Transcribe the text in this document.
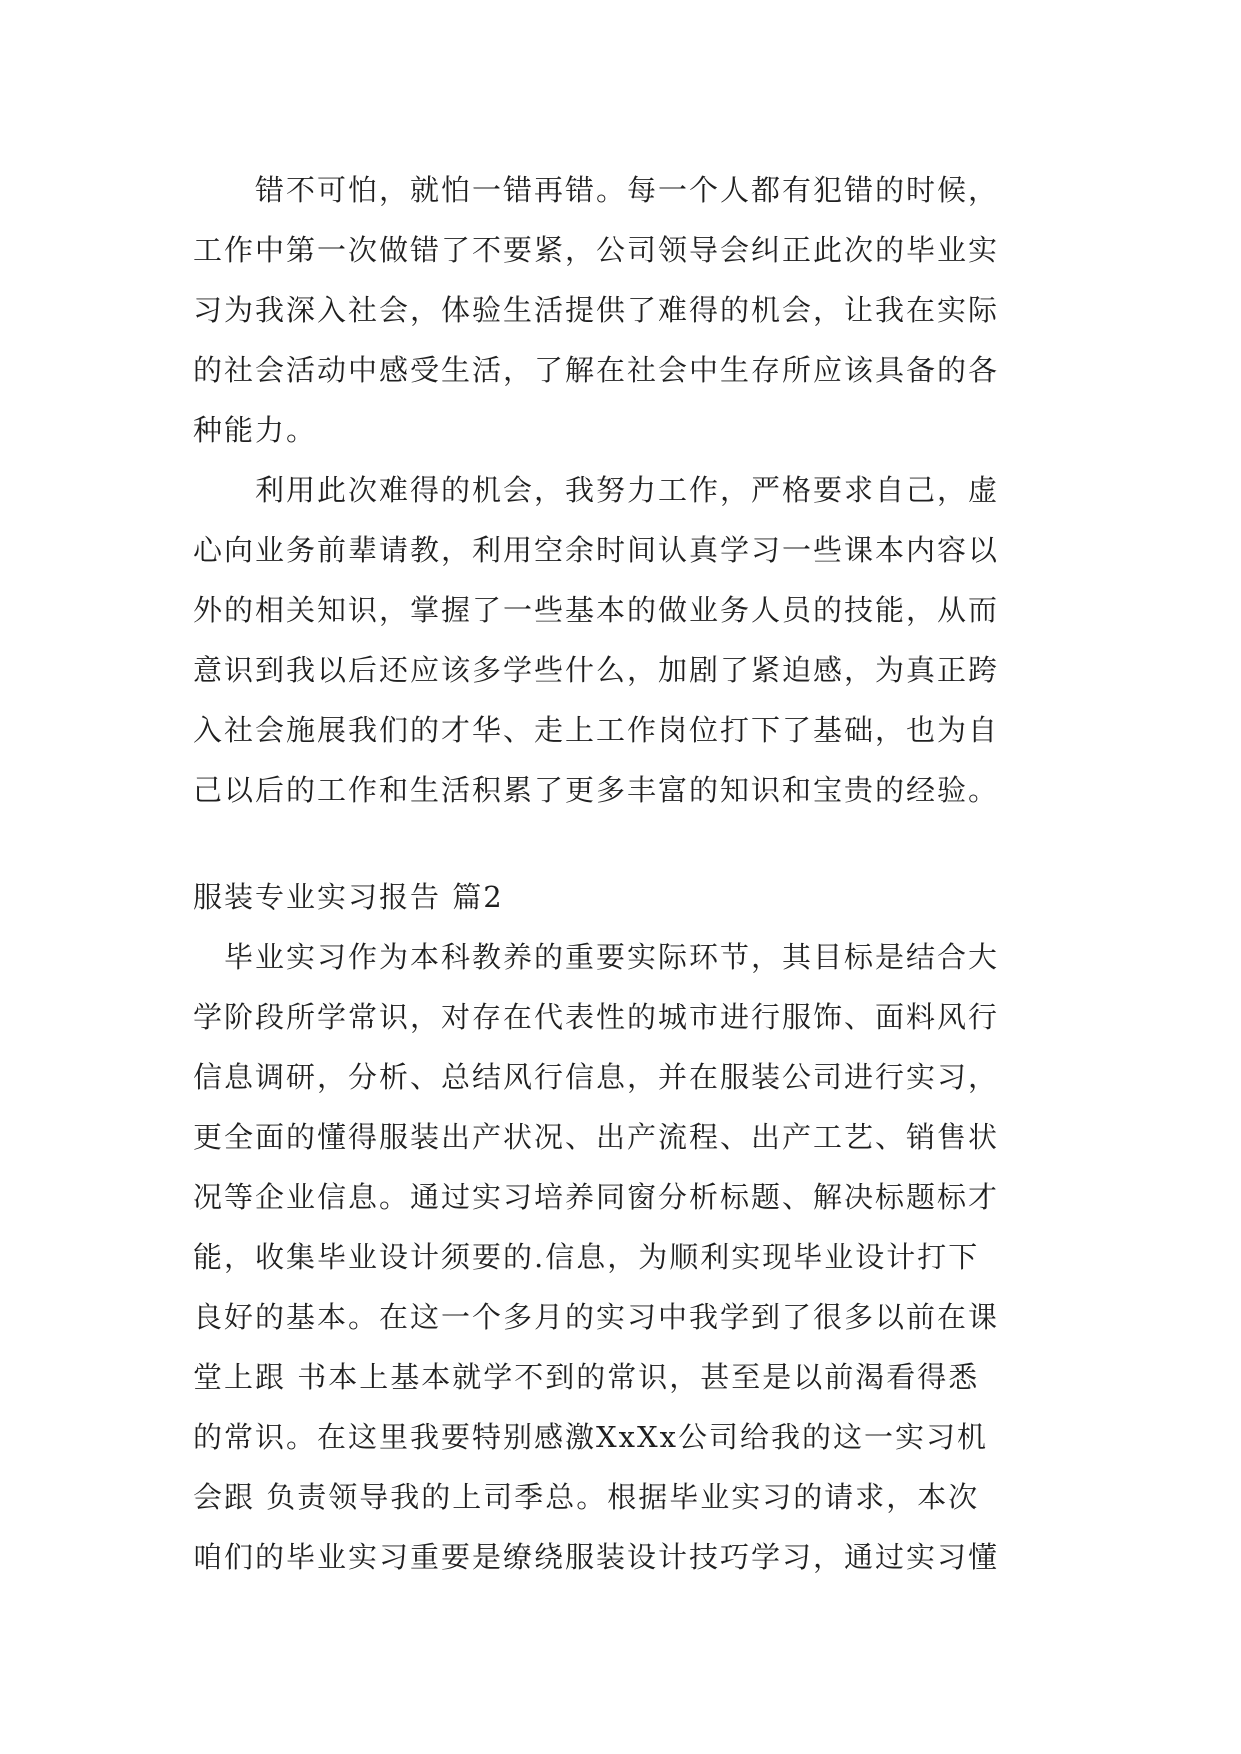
　　错不可怕，就怕一错再错。每一个人都有犯错的时候，
工作中第一次做错了不要紧，公司领导会纠正此次的毕业实
习为我深入社会，体验生活提供了难得的机会，让我在实际
的社会活动中感受生活，了解在社会中生存所应该具备的各
种能力。
　　利用此次难得的机会，我努力工作，严格要求自己，虚
心向业务前辈请教，利用空余时间认真学习一些课本内容以
外的相关知识，掌握了一些基本的做业务人员的技能，从而
意识到我以后还应该多学些什么，加剧了紧迫感，为真正跨
入社会施展我们的才华、走上工作岗位打下了基础，也为自
己以后的工作和生活积累了更多丰富的知识和宝贵的经验。
服装专业实习报告 篇2
　毕业实习作为本科教养的重要实际环节，其目标是结合大
学阶段所学常识，对存在代表性的城市进行服饰、面料风行
信息调研，分析、总结风行信息，并在服装公司进行实习，
更全面的懂得服装出产状况、出产流程、出产工艺、销售状
况等企业信息。通过实习培养同窗分析标题、解决标题标才
能，收集毕业设计须要的.信息，为顺利实现毕业设计打下
良好的基本。在这一个多月的实习中我学到了很多以前在课
堂上跟 书本上基本就学不到的常识，甚至是以前渴看得悉
的常识。在这里我要特别感激XxXx公司给我的这一实习机
会跟 负责领导我的上司季总。根据毕业实习的请求，本次
咱们的毕业实习重要是缭绕服装设计技巧学习，通过实习懂
